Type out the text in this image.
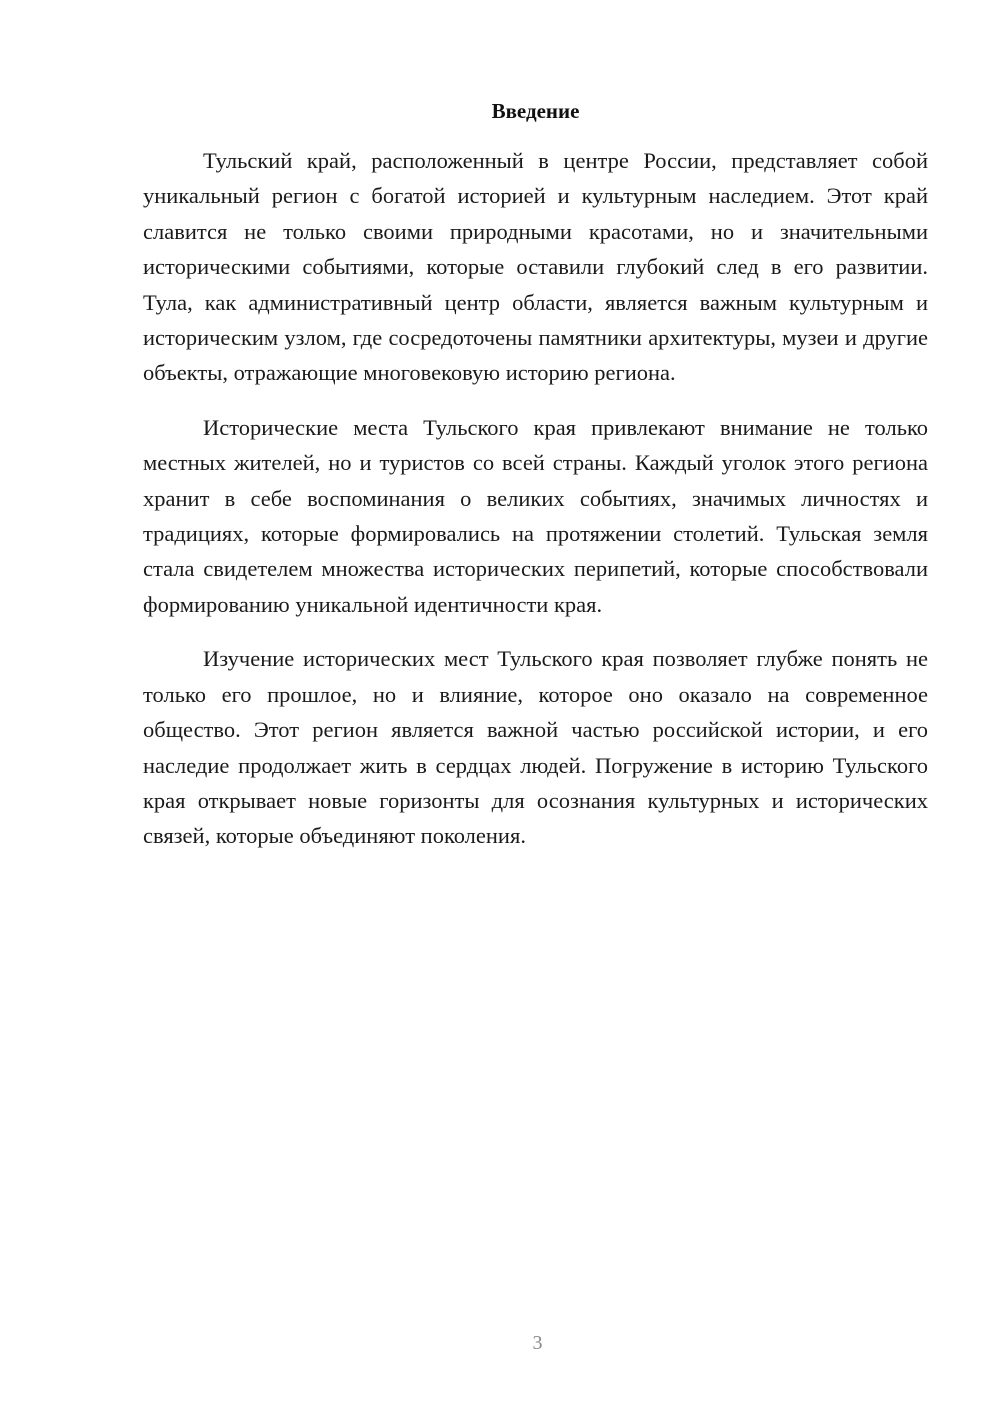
Введение

Тульский край, расположенный в центре России, представляет собой уникальный регион с богатой историей и культурным наследием. Этот край славится не только своими природными красотами, но и значительными историческими событиями, которые оставили глубокий след в его развитии. Тула, как административный центр области, является важным культурным и историческим узлом, где сосредоточены памятники архитектуры, музеи и другие объекты, отражающие многовековую историю региона.

Исторические места Тульского края привлекают внимание не только местных жителей, но и туристов со всей страны. Каждый уголок этого региона хранит в себе воспоминания о великих событиях, значимых личностях и традициях, которые формировались на протяжении столетий. Тульская земля стала свидетелем множества исторических перипетий, которые способствовали формированию уникальной идентичности края.

Изучение исторических мест Тульского края позволяет глубже понять не только его прошлое, но и влияние, которое оно оказало на современное общество. Этот регион является важной частью российской истории, и его наследие продолжает жить в сердцах людей. Погружение в историю Тульского края открывает новые горизонты для осознания культурных и исторических связей, которые объединяют поколения.

3
